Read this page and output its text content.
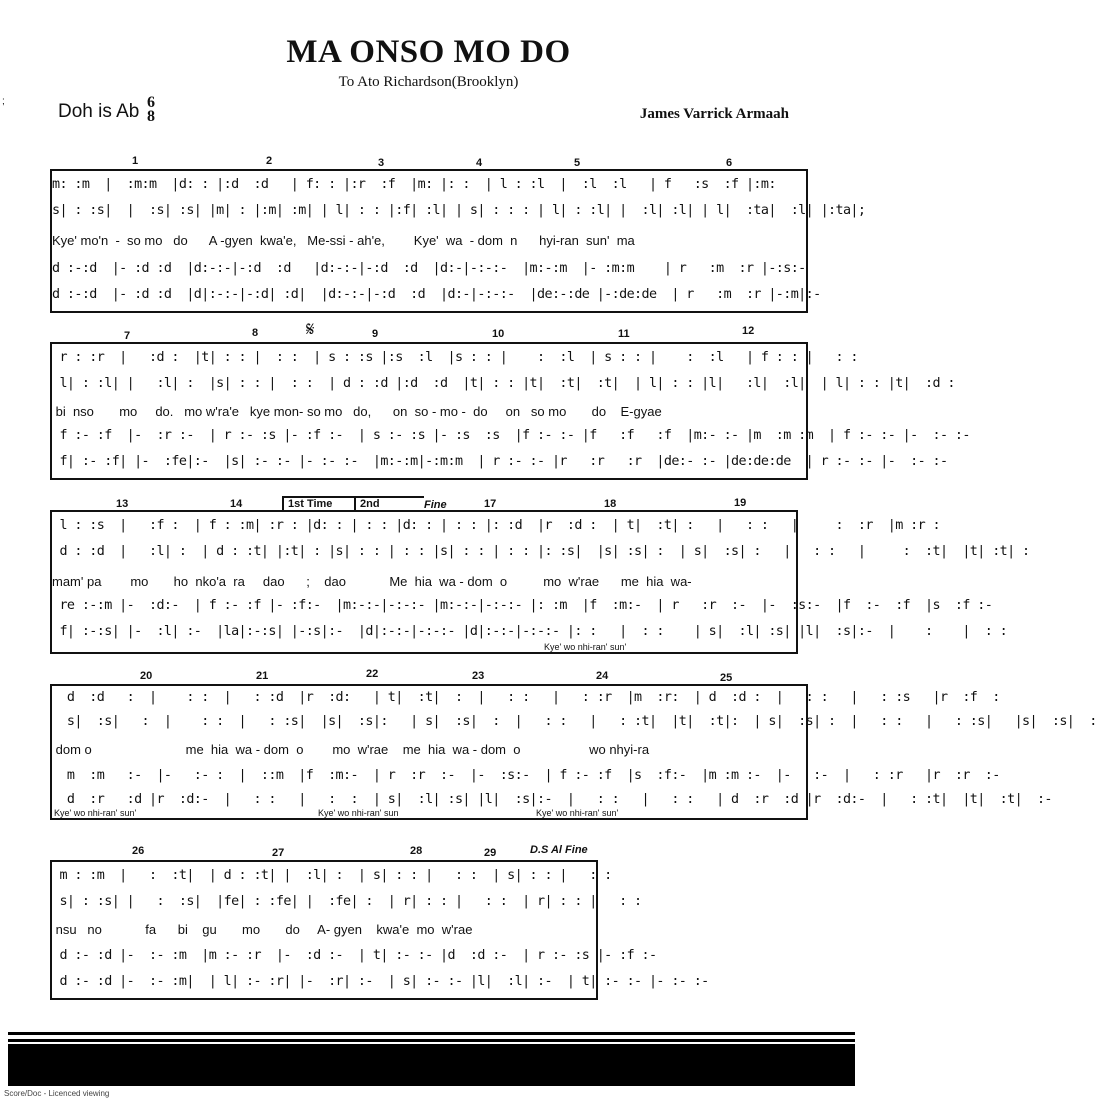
MA ONSO MO DO
To Ato Richardson(Brooklyn)
;	Doh is Ab 6
8	James Varrick Armaah
m: :m  |  :m:m  |d: : |:d  :d   | f: : |:r  :f  |m: |: :  | l : :l  |  :l  :l   | f   :s  :f |:m:
s| : :s|  |  :s| :s| |m| : |:m| :m| | l| : : |:f| :l| | s| : : : | l| : :l| |  :l| :l| | l|  :ta|  :l| |:ta|;
Kye' mo'n  -  so mo   do      A -gyen  kwa'e,   Me-ssi - ah'e,        Kye'  wa  - dom  n      hyi-ran  sun'  ma
d :-:d  |- :d :d  |d:-:-|-:d  :d   |d:-:-|-:d  :d  |d:-|-:-:-  |m:-:m  |- :m:m    | r   :m  :r |-:s:-
d :-:d  |- :d :d  |d|:-:-|-:d| :d|  |d:-:-|-:d  :d  |d:-|-:-:-  |de:-:de |-:de:de  | r   :m  :r |-:m|:-
1	2	3	4	5	6
r : :r  |   :d :  |t| : : |  : :  | s : :s |:s  :l  |s : : |    :  :l  | s : : |    :  :l   | f : : |   : :
l| : :l| |   :l| :  |s| : : |  : :  | d : :d |:d  :d  |t| : : |t|  :t|  :t|  | l| : : |l|   :l|  :l|  | l| : : |t|  :d :
bi  nso       mo     do.   mo w'ra'e   kye mon- so mo   do,      on  so - mo -  do     on   so mo       do    E-gyae
f :- :f  |-  :r :-  | r :- :s |- :f :-  | s :- :s |- :s  :s  |f :- :- |f   :f   :f  |m:- :- |m  :m :m  | f :- :- |-  :- :-
f| :- :f| |-  :fe|:-  |s| :- :- |- :- :-  |m:-:m|-:m:m  | r :- :- |r   :r   :r  |de:- :- |de:de:de  | r :- :- |-  :- :-
7	8 𝄋	9	10	11	12
l : :s  |   :f :  | f : :m| :r : |d: : | : : |d: : | : : |: :d  |r  :d :  | t|  :t| :   |   : :   |     :  :r  |m :r :
d : :d  |   :l| :  | d : :t| |:t| : |s| : : | : : |s| : : | : : |: :s|  |s| :s| :  | s|  :s| :   |   : :   |     :  :t|  |t| :t| :
mam' pa        mo       ho  nko'a  ra     dao      ;    dao            Me  hia  wa - dom  o          mo  w'rae      me  hia  wa-
re :-:m |-  :d:-  | f :- :f |- :f:-  |m:-:-|-:-:- |m:-:-|-:-:- |: :m  |f  :m:-  | r   :r  :-  |-  :s:-  |f  :-  :f  |s  :f :-
f| :-:s| |-  :l| :-  |la|:-:s| |-:s|:-  |d|:-:-|-:-:- |d|:-:-|-:-:- |: :   |  : :    | s|  :l| :s| |l|  :s|:-  |    :    |  : :
Kye' wo nhi-ran' sun'
13	14	1st Time	2nd	Fine	17	18	19
d  :d   :  |    : :  |   : :d  |r  :d:   | t|  :t|  :  |   : :   |   : :r  |m  :r:  | d  :d :  |   : :   |   : :s   |r  :f  :
s|  :s|   :  |    : :  |   : :s|  |s|  :s|:   | s|  :s|  :  |   : :   |   : :t|  |t|  :t|:  | s|  :s| :  |   : :   |   : :s|   |s|  :s|  :
dom o                          me  hia  wa - dom  o        mo  w'rae    me  hia  wa - dom  o                   wo nhyi-ra
m  :m   :-  |-   :- :  |  ::m  |f  :m:-  | r  :r  :-  |-  :s:-  | f :- :f  |s  :f:-  |m :m :-  |-   :-  |   : :r   |r  :r  :-
d  :r   :d |r  :d:-  |   : :   |   :  :  | s|  :l| :s| |l|  :s|:-  |   : :   |   : :   | d  :r  :d |r  :d:-  |   : :t|  |t|  :t|  :-
Kye' wo nhi-ran' sun'	Kye' wo nhi-ran' sun	Kye' wo nhi-ran' sun'
20	21	22	23	24	25
m : :m  |   :  :t|  | d : :t| |  :l| :  | s| : : |   : :  | s| : : |   : :
s| : :s| |   :  :s|  |fe| : :fe| |  :fe| :  | r| : : |   : :  | r| : : |   : :
nsu   no            fa      bi    gu       mo       do     A- gyen    kwa'e  mo  w'rae
d :- :d |-  :- :m  |m :- :r  |-  :d :-  | t| :- :- |d  :d :-  | r :- :s |- :f :-
d :- :d |-  :- :m|  | l| :- :r| |-  :r| :-  | s| :- :- |l|  :l| :-  | t| :- :- |- :- :-
26	27	28	29	D.S Al Fine
Score/Doc - Licenced viewing
